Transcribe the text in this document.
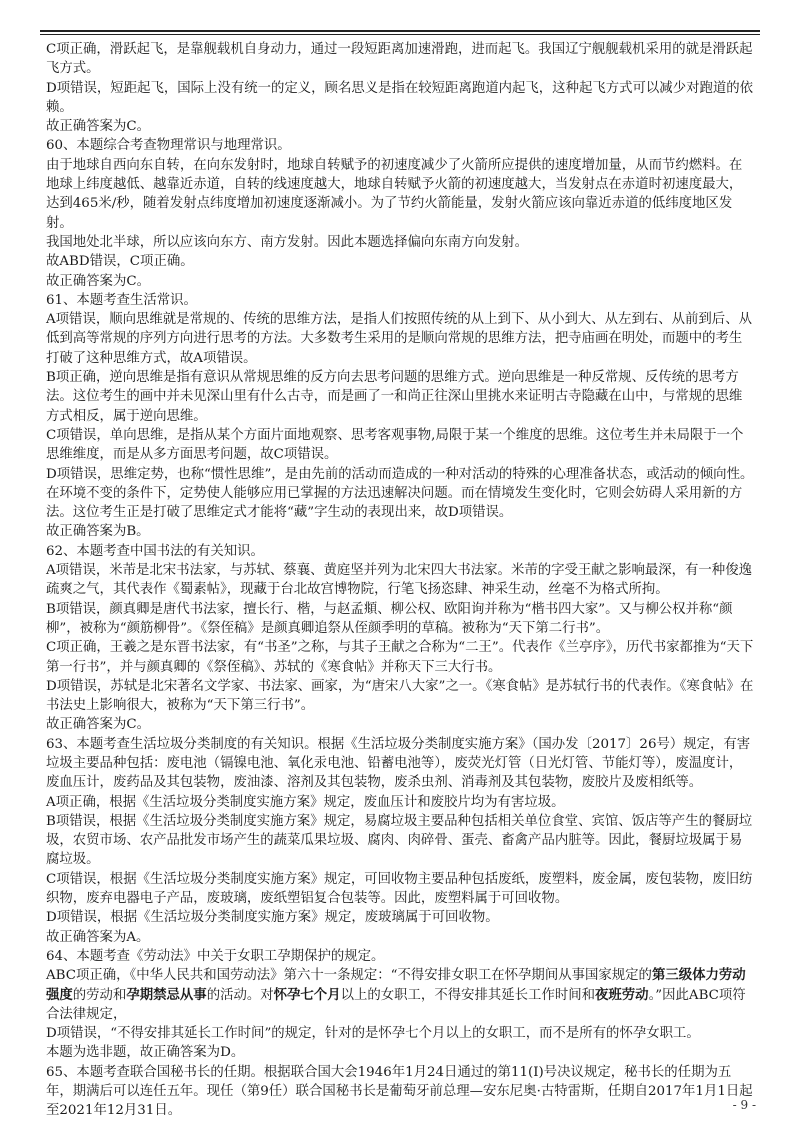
C项正确，滑跃起飞，是靠舰载机自身动力，通过一段短距离加速滑跑，进而起飞。我国辽宁舰舰载机采用的就是滑跃起飞方式。

D项错误，短距起飞，国际上没有统一的定义，顾名思义是指在较短距离跑道内起飞，这种起飞方式可以减少对跑道的依赖。

故正确答案为C。

60、本题综合考查物理常识与地理常识。

由于地球自西向东自转，在向东发射时，地球自转赋予的初速度减少了火箭所应提供的速度增加量，从而节约燃料。在地球上纬度越低、越靠近赤道，自转的线速度越大，地球自转赋予火箭的初速度越大，当发射点在赤道时初速度最大，达到465米/秒，随着发射点纬度增加初速度逐渐减小。为了节约火箭能量，发射火箭应该向靠近赤道的低纬度地区发射。

我国地处北半球，所以应该向东方、南方发射。因此本题选择偏向东南方向发射。

故ABD错误，C项正确。

故正确答案为C。

61、本题考查生活常识。

A项错误，顺向思维就是常规的、传统的思维方法，是指人们按照传统的从上到下、从小到大、从左到右、从前到后、从低到高等常规的序列方向进行思考的方法。大多数考生采用的是顺向常规的思维方法，把寺庙画在明处，而题中的考生打破了这种思维方式，故A项错误。

B项正确，逆向思维是指有意识从常规思维的反方向去思考问题的思维方式。逆向思维是一种反常规、反传统的思考方法。这位考生的画中并未见深山里有什么古寺，而是画了一和尚正往深山里挑水来证明古寺隐藏在山中，与常规的思维方式相反，属于逆向思维。

C项错误，单向思维，是指从某个方面片面地观察、思考客观事物,局限于某一个维度的思维。这位考生并未局限于一个思维维度，而是从多方面思考问题，故C项错误。

D项错误，思维定势，也称“惯性思维”，是由先前的活动而造成的一种对活动的特殊的心理准备状态，或活动的倾向性。在环境不变的条件下，定势使人能够应用已掌握的方法迅速解决问题。而在情境发生变化时，它则会妨碍人采用新的方法。这位考生正是打破了思维定式才能将“藏”字生动的表现出来，故D项错误。

故正确答案为B。

62、本题考查中国书法的有关知识。

A项错误，米芾是北宋书法家，与苏轼、蔡襄、黄庭坚并列为北宋四大书法家。米芾的字受王献之影响最深，有一种俊逸疏爽之气，其代表作《蜀素帖》，现藏于台北故宫博物院，行笔飞扬恣肆、神采生动，丝毫不为格式所拘。

B项错误，颜真卿是唐代书法家，擅长行、楷，与赵孟頫、柳公权、欧阳询并称为“楷书四大家”。又与柳公权并称“颜柳”，被称为“颜筋柳骨”。《祭侄稿》是颜真卿追祭从侄颜季明的草稿。被称为“天下第二行书”。

C项正确，王羲之是东晋书法家，有“书圣”之称，与其子王献之合称为“二王”。代表作《兰亭序》，历代书家都推为“天下第一行书”，并与颜真卿的《祭侄稿》、苏轼的《寒食帖》并称天下三大行书。

D项错误，苏轼是北宋著名文学家、书法家、画家，为“唐宋八大家”之一。《寒食帖》是苏轼行书的代表作。《寒食帖》在书法史上影响很大，被称为“天下第三行书”。

故正确答案为C。

63、本题考查生活垃圾分类制度的有关知识。根据《生活垃圾分类制度实施方案》（国办发〔2017〕26号）规定，有害垃圾主要品种包括：废电池（镉镍电池、氧化汞电池、铅蓄电池等），废荧光灯管（日光灯管、节能灯等），废温度计，废血压计，废药品及其包装物，废油漆、溶剂及其包装物，废杀虫剂、消毒剂及其包装物，废胶片及废相纸等。

A项正确，根据《生活垃圾分类制度实施方案》规定，废血压计和废胶片均为有害垃圾。

B项错误，根据《生活垃圾分类制度实施方案》规定，易腐垃圾主要品种包括相关单位食堂、宾馆、饭店等产生的餐厨垃圾，农贸市场、农产品批发市场产生的蔬菜瓜果垃圾、腐肉、肉碎骨、蛋壳、畜禽产品内脏等。因此，餐厨垃圾属于易腐垃圾。

C项错误，根据《生活垃圾分类制度实施方案》规定，可回收物主要品种包括废纸，废塑料，废金属，废包装物，废旧纺织物，废弃电器电子产品，废玻璃，废纸塑铝复合包装等。因此，废塑料属于可回收物。

D项错误，根据《生活垃圾分类制度实施方案》规定，废玻璃属于可回收物。

故正确答案为A。

64、本题考查《劳动法》中关于女职工孕期保护的规定。

ABC项正确，《中华人民共和国劳动法》第六十一条规定：“不得安排女职工在怀孕期间从事国家规定的第三级体力劳动强度的劳动和孕期禁忌从事的活动。对怀孕七个月以上的女职工，不得安排其延长工作时间和夜班劳动。”因此ABC项符合法律规定，

D项错误，“不得安排其延长工作时间”的规定，针对的是怀孕七个月以上的女职工，而不是所有的怀孕女职工。

本题为选非题，故正确答案为D。

65、本题考查联合国秘书长的任期。根据联合国大会1946年1月24日通过的第11(I)号决议规定，秘书长的任期为五年，期满后可以连任五年。现任（第9任）联合国秘书长是葡萄牙前总理—安东尼奥·古特雷斯，任期自2017年1月1日起至2021年12月31日。	- 9 -
